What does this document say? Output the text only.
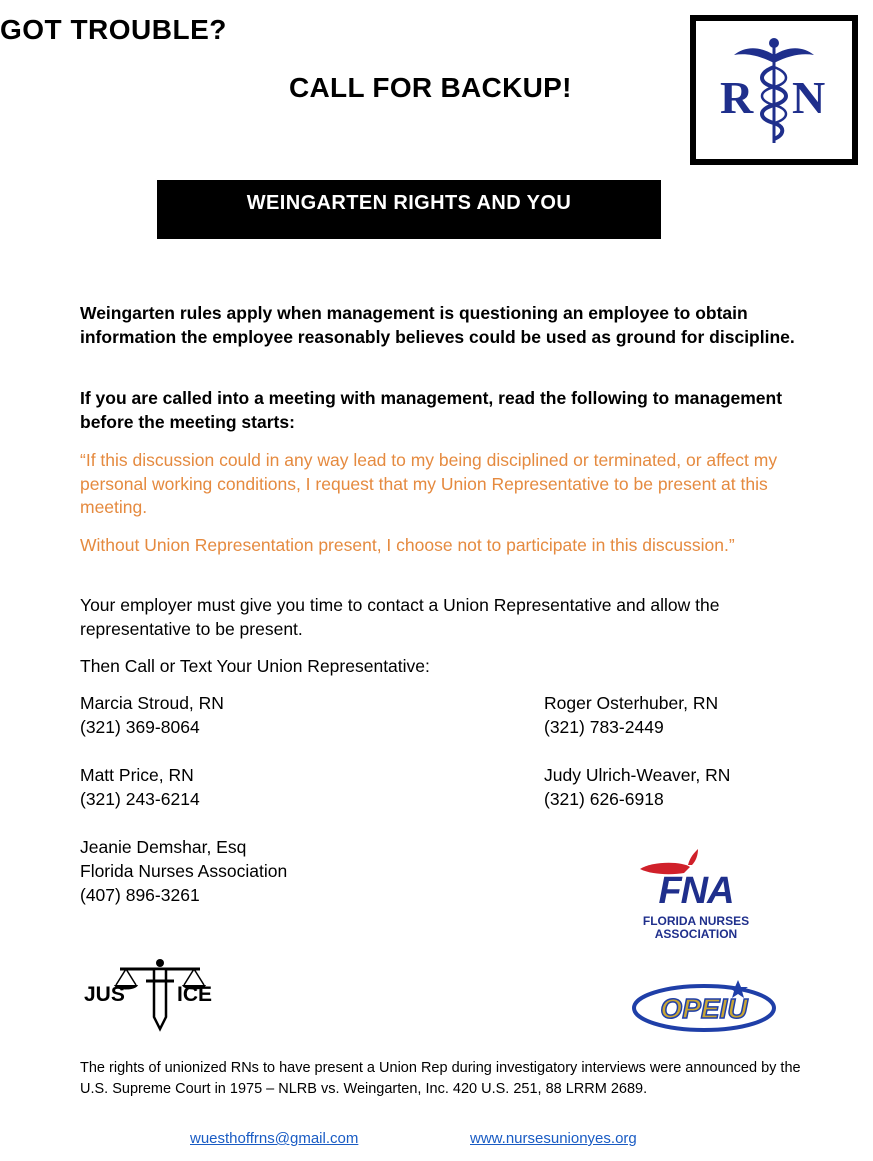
GOT TROUBLE?
CALL FOR BACKUP!	R N
WEINGARTEN RIGHTS AND YOU
Weingarten rules apply when management is questioning an employee to obtain information the employee reasonably believes could be used as ground for discipline.
If you are called into a meeting with management, read the following to management before the meeting starts:
“If this discussion could in any way lead to my being disciplined or terminated, or affect my personal working conditions, I request that my Union Representative to be present at this meeting.
Without Union Representation present, I choose not to participate in this discussion.”
Your employer must give you time to contact a Union Representative and allow the representative to be present.
Then Call or Text Your Union Representative:
Marcia Stroud, RN
(321) 369-8064
Roger Osterhuber, RN
(321) 783-2449
Matt Price, RN
(321) 243-6214
Judy Ulrich-Weaver, RN
(321) 626-6918
Jeanie Demshar, Esq
Florida Nurses Association
(407) 896-3261	FNA
FLORIDA NURSES
ASSOCIATION
JUS ICE	OPEIU
The rights of unionized RNs to have present a Union Rep during investigatory interviews were announced by the U.S. Supreme Court in 1975 – NLRB vs. Weingarten, Inc. 420 U.S. 251, 88 LRRM 2689.
wuesthoffrns@gmail.com	www.nursesunionyes.org
